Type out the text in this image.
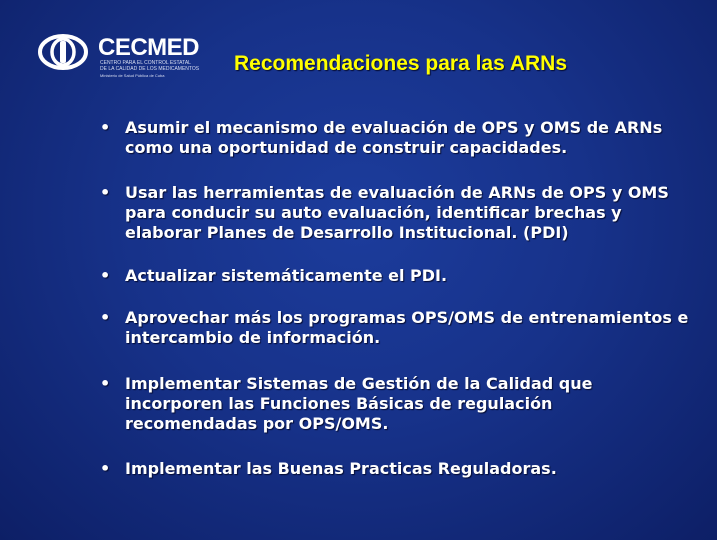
CECMED
CENTRO PARA EL CONTROL ESTATAL
DE LA CALIDAD DE LOS MEDICAMENTOS
Ministerio de Salud Pública de Cuba
Recomendaciones para las ARNs
• Asumir el mecanismo de evaluación de OPS y OMS de ARNs como una oportunidad de construir capacidades.
• Usar las herramientas de evaluación de ARNs de OPS y OMS para conducir su auto evaluación, identificar brechas y elaborar Planes de Desarrollo Institucional. (PDI)
• Actualizar sistemáticamente el PDI.
• Aprovechar más los programas OPS/OMS de entrenamientos e intercambio de información.
• Implementar Sistemas de Gestión de la Calidad que incorporen las Funciones Básicas de regulación recomendadas por OPS/OMS.
• Implementar las Buenas Practicas Reguladoras.
